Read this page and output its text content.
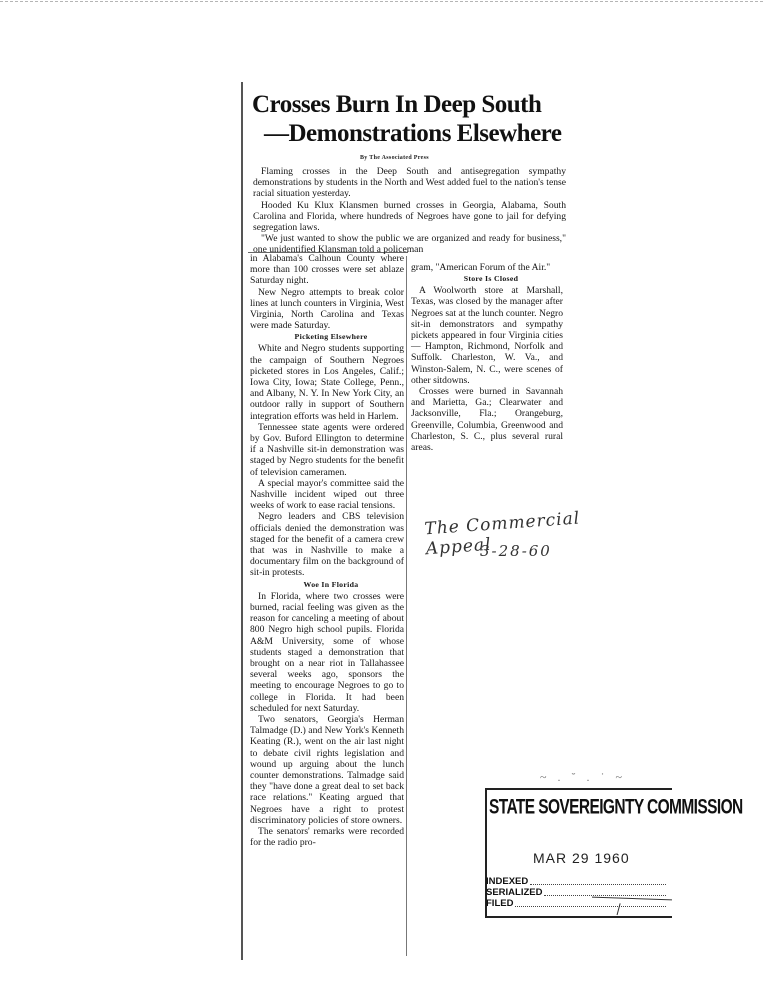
Crosses Burn In Deep South
—Demonstrations Elsewhere
By The Associated Press

Flaming crosses in the Deep South and antisegregation sympathy demonstrations by students in the North and West added fuel to the nation's tense racial situation yesterday.

Hooded Ku Klux Klansmen burned crosses in Georgia, Alabama, South Carolina and Florida, where hundreds of Negroes have gone to jail for defying segregation laws.

"We just wanted to show the public we are organized and ready for business," one unidentified Klansman told a policeman

in Alabama's Calhoun County where more than 100 crosses were set ablaze Saturday night.

New Negro attempts to break color lines at lunch counters in Virginia, West Virginia, North Carolina and Texas were made Saturday.

Picketing Elsewhere

White and Negro students supporting the campaign of Southern Negroes picketed stores in Los Angeles, Calif.; Iowa City, Iowa; State College, Penn., and Albany, N. Y. In New York City, an outdoor rally in support of Southern integration efforts was held in Harlem.

Tennessee state agents were ordered by Gov. Buford Ellington to determine if a Nashville sit-in demonstration was staged by Negro students for the benefit of television cameramen.

A special mayor's committee said the Nashville incident wiped out three weeks of work to ease racial tensions.

Negro leaders and CBS television officials denied the demonstration was staged for the benefit of a camera crew that was in Nashville to make a documentary film on the background of sit-in protests.

Woe In Florida

In Florida, where two crosses were burned, racial feeling was given as the reason for canceling a meeting of about 800 Negro high school pupils. Florida A&M University, some of whose students staged a demonstration that brought on a near riot in Tallahassee several weeks ago, sponsors the meeting to encourage Negroes to go to college in Florida. It had been scheduled for next Saturday.

Two senators, Georgia's Herman Talmadge (D.) and New York's Kenneth Keating (R.), went on the air last night to debate civil rights legislation and wound up arguing about the lunch counter demonstrations. Talmadge said they "have done a great deal to set back race relations." Keating argued that Negroes have a right to protest discriminatory policies of store owners.

The senators' remarks were recorded for the radio pro-

gram, "American Forum of the Air."

Store Is Closed

A Woolworth store at Marshall, Texas, was closed by the manager after Negroes sat at the lunch counter. Negro sit-in demonstrators and sympathy pickets appeared in four Virginia cities — Hampton, Richmond, Norfolk and Suffolk. Charleston, W. Va., and Winston-Salem, N. C., were scenes of other sitdowns.

Crosses were burned in Savannah and Marietta, Ga.; Clearwater and Jacksonville, Fla.; Orangeburg, Greenville, Columbia, Greenwood and Charleston, S. C., plus several rural areas.

The Commercial Appeal
3-28-60
~ . ˘ . ˙ ~
STATE SOVEREIGNTY COMMISSION
MAR 29 1960
INDEXED
SERIALIZED
FILED
